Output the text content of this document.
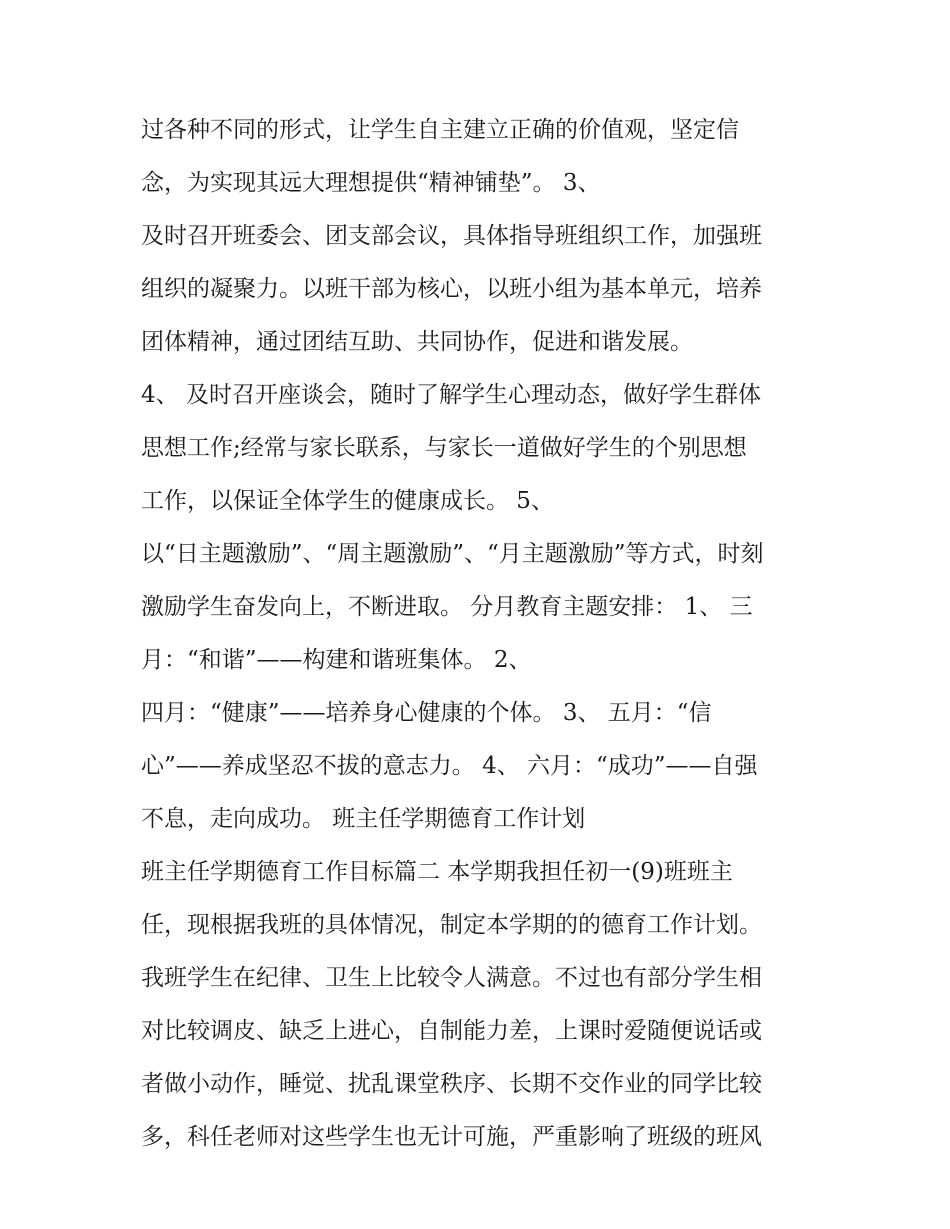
过各种不同的形式，让学生自主建立正确的价值观，坚定信
念，为实现其远大理想提供“精神铺垫”。 3、
及时召开班委会、团支部会议，具体指导班组织工作，加强班
组织的凝聚力。以班干部为核心，以班小组为基本单元，培养
团体精神，通过团结互助、共同协作，促进和谐发展。
4、 及时召开座谈会，随时了解学生心理动态，做好学生群体
思想工作;经常与家长联系，与家长一道做好学生的个别思想
工作，以保证全体学生的健康成长。 5、
以“日主题激励”、“周主题激励”、“月主题激励”等方式，时刻
激励学生奋发向上，不断进取。 分月教育主题安排： 1、 三
月：“和谐”——构建和谐班集体。 2、
四月：“健康”——培养身心健康的个体。 3、 五月：“信
心”——养成坚忍不拔的意志力。 4、 六月：“成功”——自强
不息，走向成功。 班主任学期德育工作计划
班主任学期德育工作目标篇二 本学期我担任初一(9)班班主
任，现根据我班的具体情况，制定本学期的的德育工作计划。
我班学生在纪律、卫生上比较令人满意。不过也有部分学生相
对比较调皮、缺乏上进心，自制能力差，上课时爱随便说话或
者做小动作，睡觉、扰乱课堂秩序、长期不交作业的同学比较
多，科任老师对这些学生也无计可施，严重影响了班级的班风
